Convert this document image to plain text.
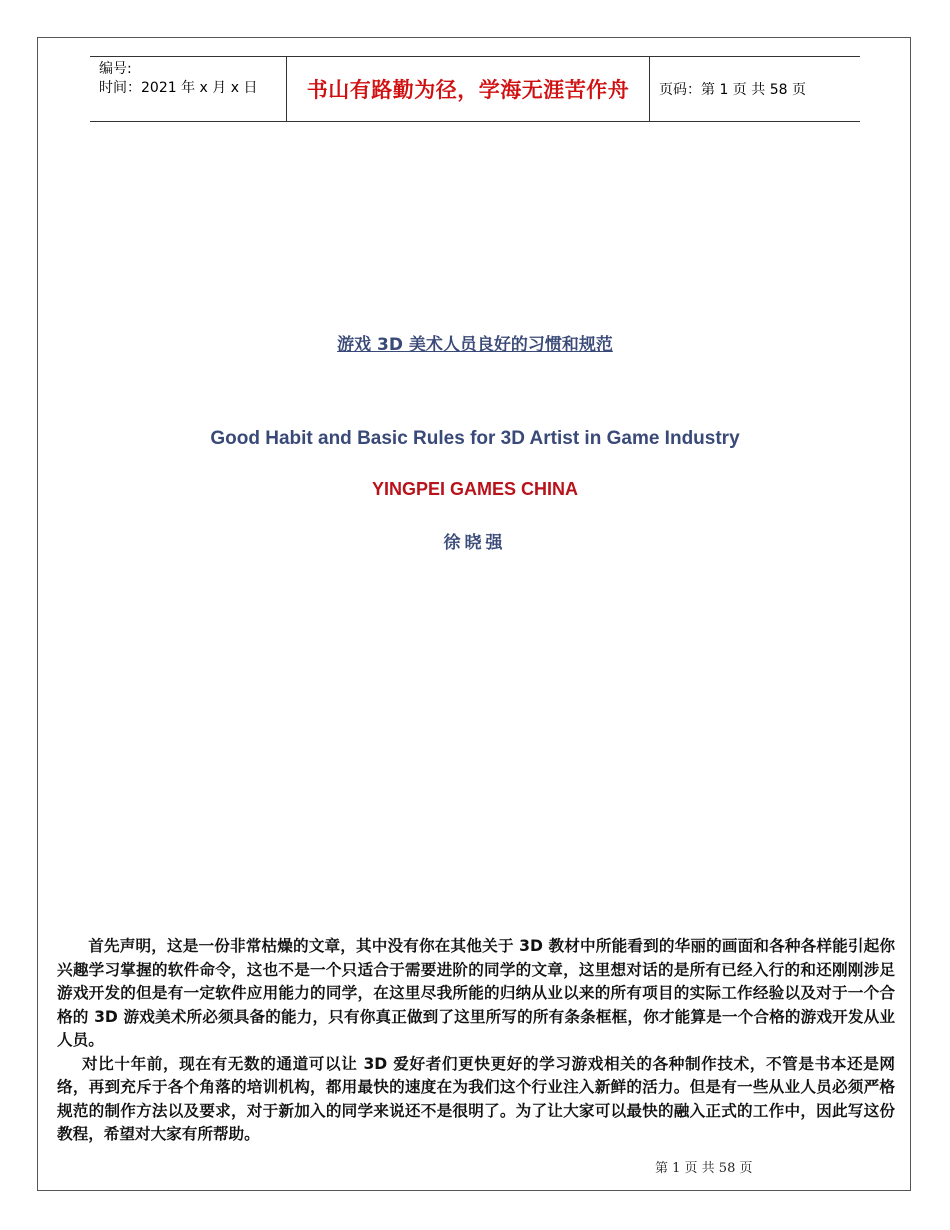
编号:
时间：2021 年 x 月 x 日	书山有路勤为径，学海无涯苦作舟 页码：第 1 页 共 58 页
游戏 3D 美术人员良好的习惯和规范
Good Habit and Basic Rules for 3D Artist in Game Industry
YINGPEI GAMES CHINA
徐晓强

首先声明，这是一份非常枯燥的文章，其中没有你在其他关于 3D 教材中所能看到的华丽的画面和各种各样能引起你兴趣学习掌握的软件命令，这也不是一个只适合于需要进阶的同学的文章，这里想对话的是所有已经入行的和还刚刚涉足游戏开发的但是有一定软件应用能力的同学，在这里尽我所能的归纳从业以来的所有项目的实际工作经验以及对于一个合格的 3D 游戏美术所必须具备的能力，只有你真正做到了这里所写的所有条条框框，你才能算是一个合格的游戏开发从业人员。

对比十年前，现在有无数的通道可以让 3D 爱好者们更快更好的学习游戏相关的各种制作技术，不管是书本还是网络，再到充斥于各个角落的培训机构，都用最快的速度在为我们这个行业注入新鲜的活力。但是有一些从业人员必须严格规范的制作方法以及要求，对于新加入的同学来说还不是很明了。为了让大家可以最快的融入正式的工作中，因此写这份教程，希望对大家有所帮助。

第 1 页 共 58 页
